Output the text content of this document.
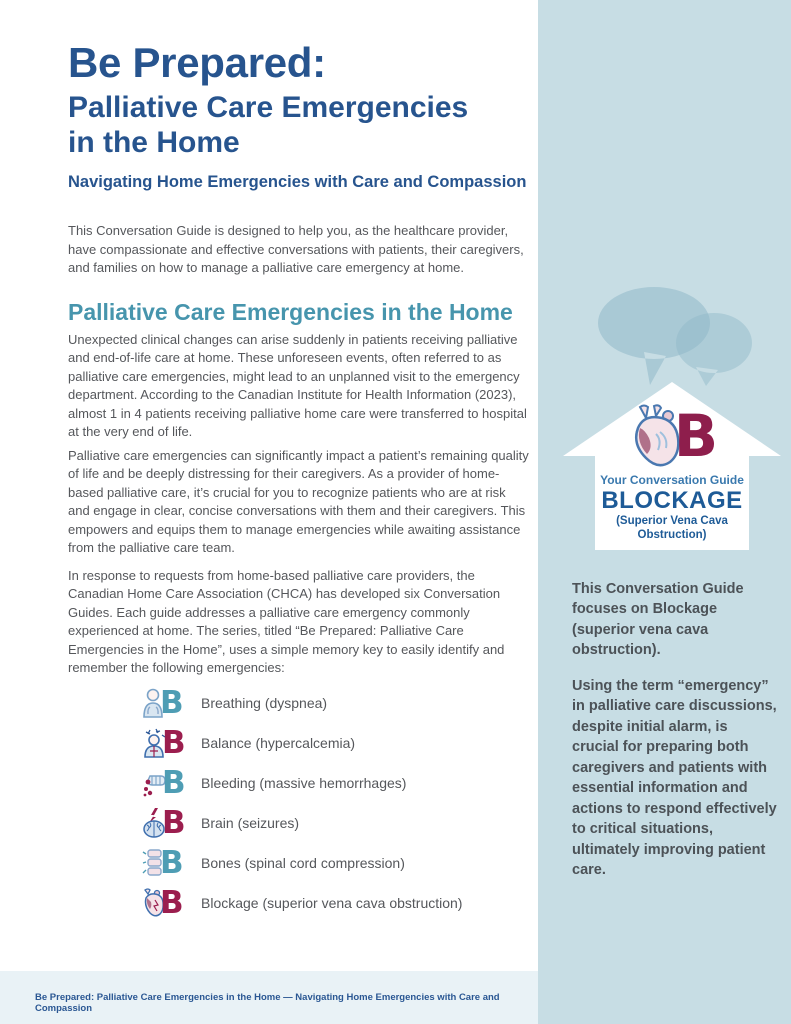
Be Prepared:
Palliative Care Emergencies
in the Home
Navigating Home Emergencies with Care and Compassion

This Conversation Guide is designed to help you, as the healthcare provider, have compassionate and effective conversations with patients, their caregivers, and families on how to manage a palliative care emergency at home.

Palliative Care Emergencies in the Home

Unexpected clinical changes can arise suddenly in patients receiving palliative and end-of-life care at home. These unforeseen events, often referred to as palliative care emergencies, might lead to an unplanned visit to the emergency department. According to the Canadian Institute for Health Information (2023), almost 1 in 4 patients receiving palliative home care were transferred to hospital at the very end of life.

Palliative care emergencies can significantly impact a patient’s remaining quality of life and be deeply distressing for their caregivers. As a provider of home-based palliative care, it’s crucial for you to recognize patients who are at risk and engage in clear, concise conversations with them and their caregivers. This empowers and equips them to manage emergencies while awaiting assistance from the palliative care team.

In response to requests from home-based palliative care providers, the Canadian Home Care Association (CHCA) has developed six Conversation Guides. Each guide addresses a palliative care emergency commonly experienced at home. The series, titled “Be Prepared: Palliative Care Emergencies in the Home”, uses a simple memory key to easily identify and remember the following emergencies:

B Breathing (dyspnea)
B Balance (hypercalcemia)
B Bleeding (massive hemorrhages)
B Brain (seizures)
B Bones (spinal cord compression)
B Blockage (superior vena cava obstruction)
B
Your Conversation Guide
BLOCKAGE
(Superior Vena Cava Obstruction)

This Conversation Guide focuses on Blockage (superior vena cava obstruction).

Using the term “emergency” in palliative care discussions, despite initial alarm, is crucial for preparing both caregivers and patients with essential information and actions to respond effectively to critical situations, ultimately improving patient care.

Be Prepared: Palliative Care Emergencies in the Home — Navigating Home Emergencies with Care and Compassion
